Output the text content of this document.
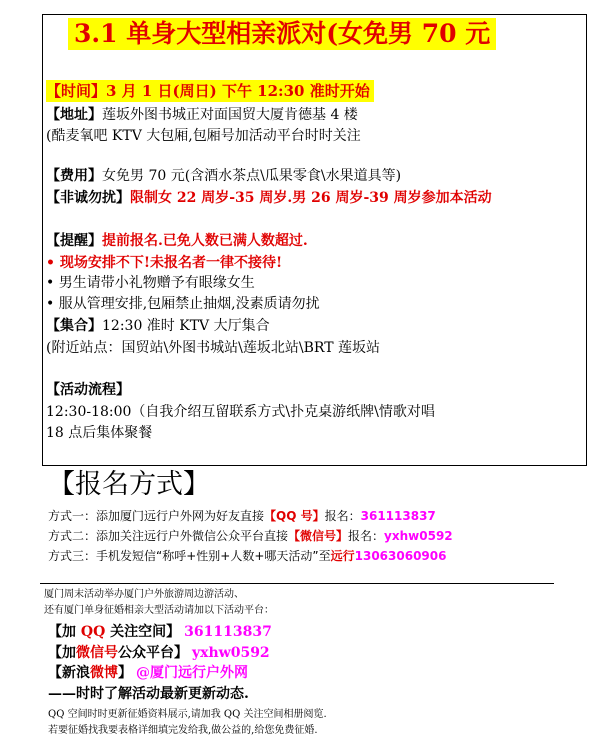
3.1 单身大型相亲派对(女免男 70 元
【时间】3 月 1 日(周日) 下午 12:30 准时开始
【地址】莲坂外图书城正对面国贸大厦肯德基 4 楼
(酷麦氧吧 KTV 大包厢,包厢号加活动平台时时关注
【费用】女免男 70 元(含酒水茶点\瓜果零食\水果道具等)
【非诚勿扰】限制女 22 周岁-35 周岁.男 26 周岁-39 周岁参加本活动
【提醒】提前报名.已免人数已满人数超过.
• 现场安排不下!未报名者一律不接待!
• 男生请带小礼物赠予有眼缘女生
• 服从管理安排,包厢禁止抽烟,没素质请勿扰
【集合】12:30 准时 KTV 大厅集合
(附近站点：国贸站\外图书城站\莲坂北站\BRT 莲坂站
【活动流程】
12:30-18:00（自我介绍互留联系方式\扑克桌游纸牌\情歌对唱
18 点后集体聚餐
【报名方式】
方式一：添加厦门远行户外网为好友直接【QQ 号】报名：361113837
方式二：添加关注远行户外微信公众平台直接【微信号】报名：yxhw0592
方式三：手机发短信“称呼+性别+人数+哪天活动”至远行13063060906
厦门周末活动举办厦门户外旅游周边游活动、
还有厦门单身征婚相亲大型活动请加以下活动平台：
【加 QQ 关注空间】 361113837
【加微信号公众平台】 yxhw0592
【新浪微博】 @厦门远行户外网
——时时了解活动最新更新动态.
QQ 空间时时更新征婚资料展示,请加我 QQ 关注空间相册阅览.
若要征婚找我要表格详细填完发给我,做公益的,给您免费征婚.
